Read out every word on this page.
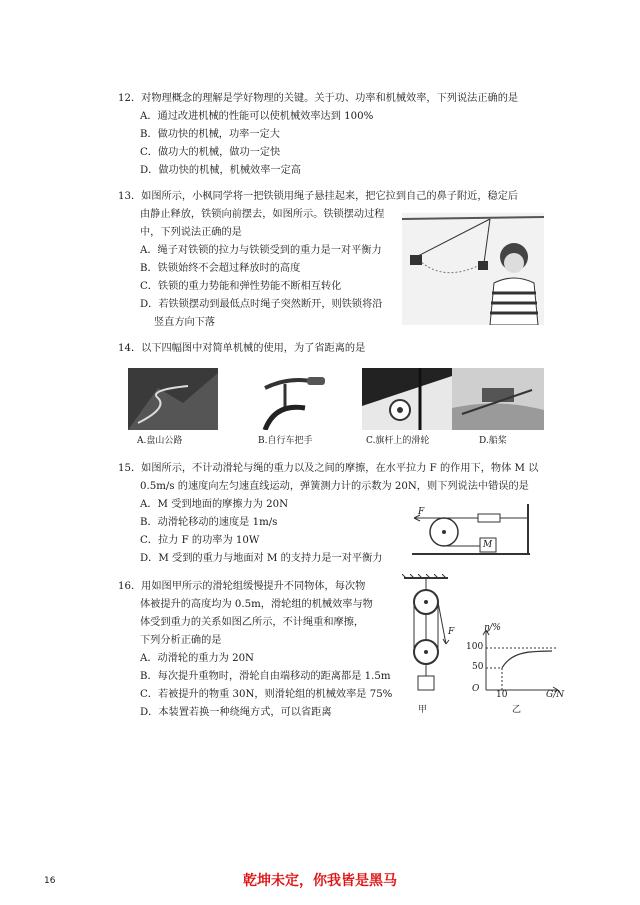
12．对物理概念的理解是学好物理的关键。关于功、功率和机械效率，下列说法正确的是
A．通过改进机械的性能可以使机械效率达到 100%
B．做功快的机械，功率一定大
C．做功大的机械，做功一定快
D．做功快的机械，机械效率一定高
13．如图所示，小枫同学将一把铁锁用绳子悬挂起来，把它拉到自己的鼻子附近，稳定后
由静止释放，铁锁向前摆去，如图所示。铁锁摆动过程
中，下列说法正确的是
A．绳子对铁锁的拉力与铁锁受到的重力是一对平衡力
B．铁锁始终不会超过释放时的高度
C．铁锁的重力势能和弹性势能不断相互转化
D．若铁锁摆动到最低点时绳子突然断开，则铁锁将沿
竖直方向下落
14．以下四幅图中对简单机械的使用，为了省距离的是
A.盘山公路	B.自行车把手	C.旗杆上的滑轮	D.船桨
15．如图所示，不计动滑轮与绳的重力以及之间的摩擦，在水平拉力 F 的作用下，物体 M 以
0.5m/s 的速度向左匀速直线运动，弹簧测力计的示数为 20N，则下列说法中错误的是
A．M 受到地面的摩擦力为 20N
B．动滑轮移动的速度是 1m/s
C．拉力 F 的功率为 10W
D．M 受到的重力与地面对 M 的支持力是一对平衡力
F
M
16．用如图甲所示的滑轮组缓慢提升不同物体，每次物
体被提升的高度均为 0.5m，滑轮组的机械效率与物
体受到重力的关系如图乙所示，不计绳重和摩擦，
下列分析正确的是
A．动滑轮的重力为 20N
B．每次提升重物时，滑轮自由端移动的距离都是 1.5m
C．若被提升的物重 30N，则滑轮组的机械效率是 75%
D．本装置若换一种绕绳方式，可以省距离
F
甲
η/%
100
50
O
10	G/N
乙
16	乾坤未定，你我皆是黑马
